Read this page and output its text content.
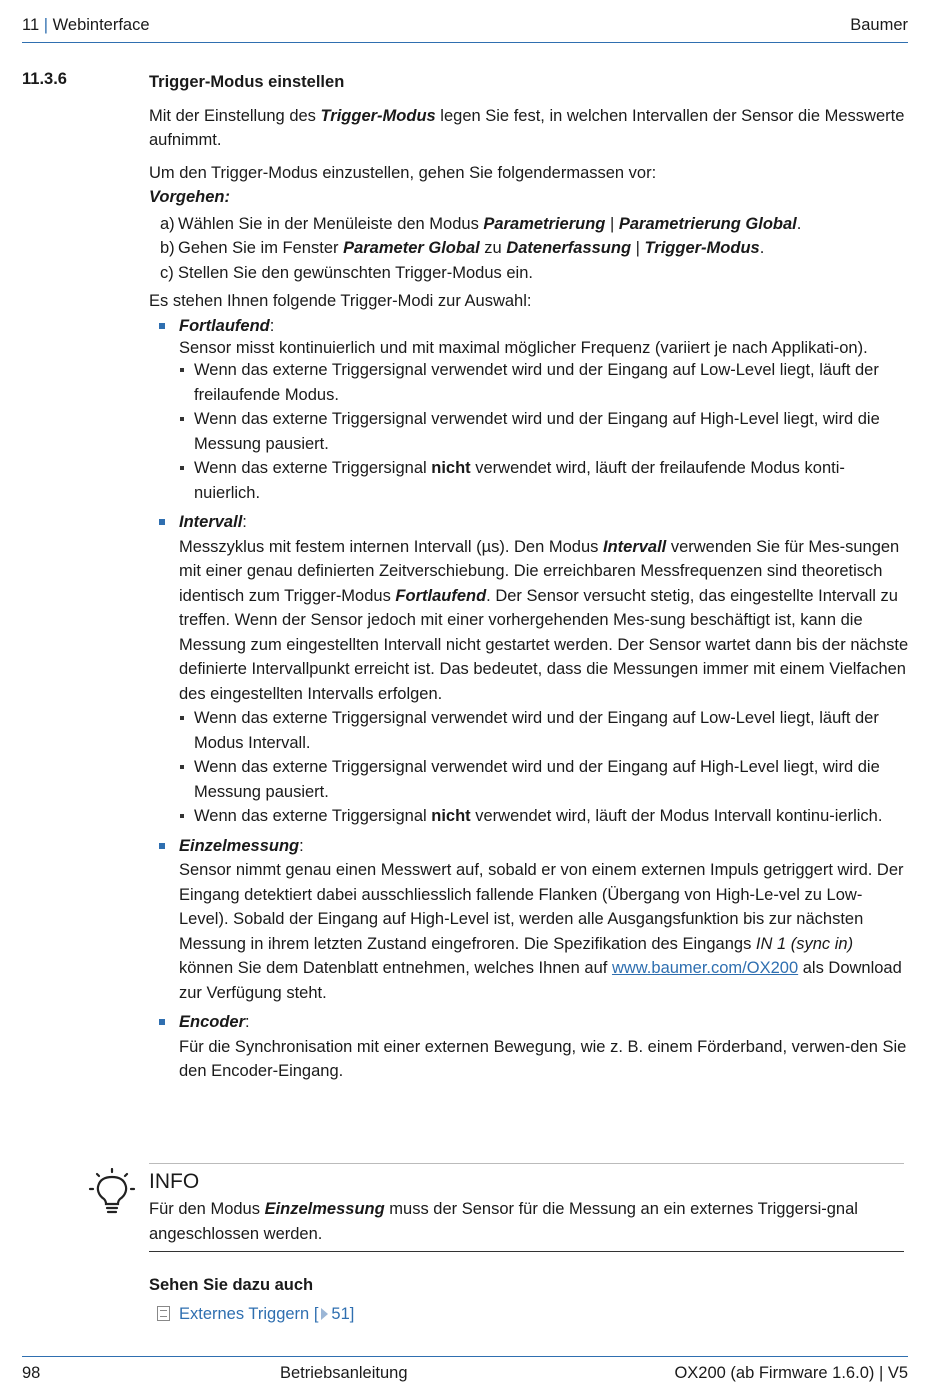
11 | Webinterface	Baumer
11.3.6	Trigger-Modus einstellen

Mit der Einstellung des Trigger-Modus legen Sie fest, in welchen Intervallen der Sensor die Messwerte aufnimmt.

Um den Trigger-Modus einzustellen, gehen Sie folgendermassen vor:

Vorgehen:

a) Wählen Sie in der Menüleiste den Modus Parametrierung | Parametrierung Global.

b) Gehen Sie im Fenster Parameter Global zu Datenerfassung | Trigger-Modus.

c) Stellen Sie den gewünschten Trigger-Modus ein.

Es stehen Ihnen folgende Trigger-Modi zur Auswahl:

Fortlaufend:

Sensor misst kontinuierlich und mit maximal möglicher Frequenz (variiert je nach Applikati-on).

Wenn das externe Triggersignal verwendet wird und der Eingang auf Low-Level liegt, läuft der freilaufende Modus.

Wenn das externe Triggersignal verwendet wird und der Eingang auf High-Level liegt, wird die Messung pausiert.

Wenn das externe Triggersignal nicht verwendet wird, läuft der freilaufende Modus konti-nuierlich.

Intervall:

Messzyklus mit festem internen Intervall (µs). Den Modus Intervall verwenden Sie für Mes-sungen mit einer genau definierten Zeitverschiebung. Die erreichbaren Messfrequenzen sind theoretisch identisch zum Trigger-Modus Fortlaufend. Der Sensor versucht stetig, das eingestellte Intervall zu treffen. Wenn der Sensor jedoch mit einer vorhergehenden Mes-sung beschäftigt ist, kann die Messung zum eingestellten Intervall nicht gestartet werden. Der Sensor wartet dann bis der nächste definierte Intervallpunkt erreicht ist. Das bedeutet, dass die Messungen immer mit einem Vielfachen des eingestellten Intervalls erfolgen.

Wenn das externe Triggersignal verwendet wird und der Eingang auf Low-Level liegt, läuft der Modus Intervall.

Wenn das externe Triggersignal verwendet wird und der Eingang auf High-Level liegt, wird die Messung pausiert.

Wenn das externe Triggersignal nicht verwendet wird, läuft der Modus Intervall kontinu-ierlich.

Einzelmessung:

Sensor nimmt genau einen Messwert auf, sobald er von einem externen Impuls getriggert wird. Der Eingang detektiert dabei ausschliesslich fallende Flanken (Übergang von High-Le-vel zu Low-Level). Sobald der Eingang auf High-Level ist, werden alle Ausgangsfunktion bis zur nächsten Messung in ihrem letzten Zustand eingefroren. Die Spezifikation des Eingangs IN 1 (sync in) können Sie dem Datenblatt entnehmen, welches Ihnen auf www.baumer.com/OX200 als Download zur Verfügung steht.

Encoder:

Für die Synchronisation mit einer externen Bewegung, wie z. B. einem Förderband, verwen-den Sie den Encoder-Eingang.

INFO
Für den Modus Einzelmessung muss der Sensor für die Messung an ein externes Triggersi-gnal angeschlossen werden.
Sehen Sie dazu auch
Externes Triggern [ 51]
98	Betriebsanleitung	OX200 (ab Firmware 1.6.0) | V5
